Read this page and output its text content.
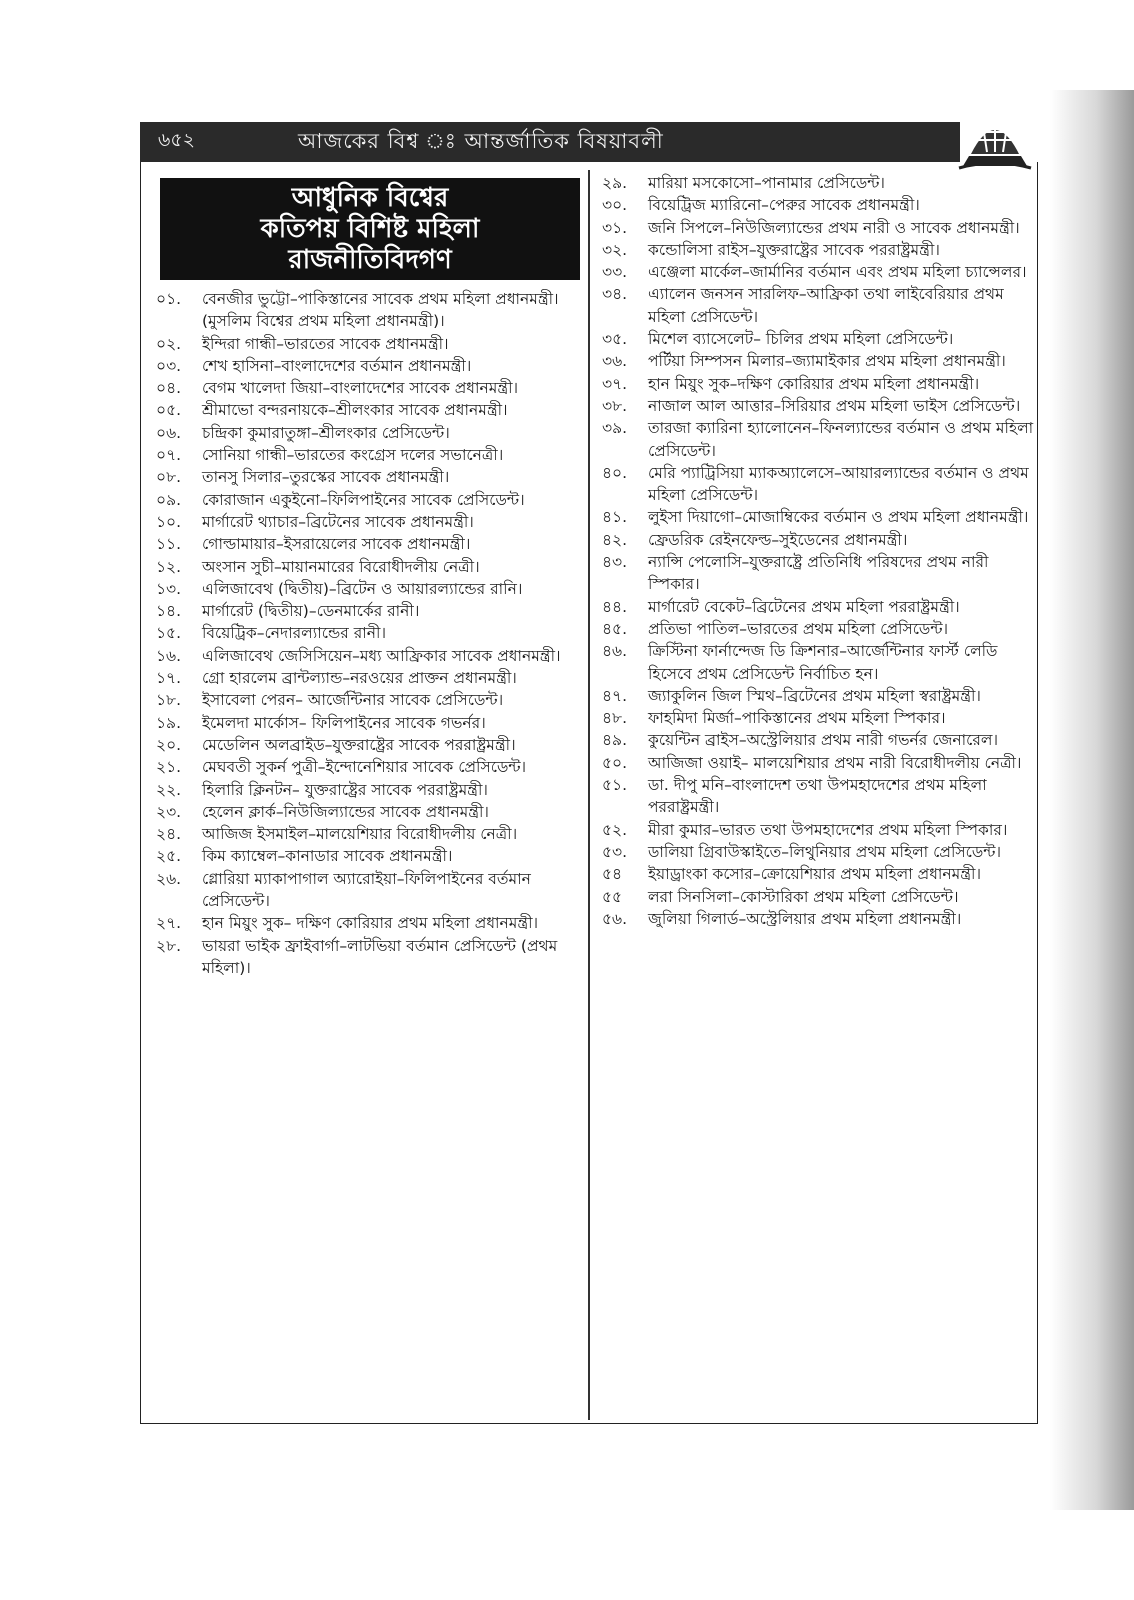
৬৫২	আজকের বিশ্ব ঃ আন্তর্জাতিক বিষয়াবলী
আধুনিক বিশ্বের
কতিপয় বিশিষ্ট মহিলা
রাজনীতিবিদগণ
০১.	বেনজীর ভুট্টো–পাকিস্তানের সাবেক প্রথম মহিলা প্রধানমন্ত্রী। (মুসলিম বিশ্বের প্রথম মহিলা প্রধানমন্ত্রী)।
০২.	ইন্দিরা গান্ধী–ভারতের সাবেক প্রধানমন্ত্রী।
০৩.	শেখ হাসিনা–বাংলাদেশের বর্তমান প্রধানমন্ত্রী।
০৪.	বেগম খালেদা জিয়া–বাংলাদেশের সাবেক প্রধানমন্ত্রী।
০৫.	শ্রীমাভো বন্দরনায়কে–শ্রীলংকার সাবেক প্রধানমন্ত্রী।
০৬.	চন্দ্রিকা কুমারাতুঙ্গা–শ্রীলংকার প্রেসিডেন্ট।
০৭.	সোনিয়া গান্ধী–ভারতের কংগ্রেস দলের সভানেত্রী।
০৮.	তানসু সিলার–তুরস্কের সাবেক প্রধানমন্ত্রী।
০৯.	কোরাজান একুইনো–ফিলিপাইনের সাবেক প্রেসিডেন্ট।
১০.	মার্গারেট থ্যাচার–ব্রিটেনের সাবেক প্রধানমন্ত্রী।
১১.	গোল্ডামায়ার–ইসরায়েলের সাবেক প্রধানমন্ত্রী।
১২.	অংসান সুচী–মায়ানমারের বিরোধীদলীয় নেত্রী।
১৩.	এলিজাবেথ (দ্বিতীয়)–ব্রিটেন ও আয়ারল্যান্ডের রানি।
১৪.	মার্গারেট (দ্বিতীয়)–ডেনমার্কের রানী।
১৫.	বিয়েট্রিক–নেদারল্যান্ডের রানী।
১৬.	এলিজাবেথ জেসিসিয়েন–মধ্য আফ্রিকার সাবেক প্রধানমন্ত্রী।
১৭.	গ্রো হারলেম ব্রান্টল্যান্ড–নরওয়ের প্রাক্তন প্রধানমন্ত্রী।
১৮.	ইসাবেলা পেরন– আর্জেন্টিনার সাবেক প্রেসিডেন্ট।
১৯.	ইমেলদা মার্কোস– ফিলিপাইনের সাবেক গভর্নর।
২০.	মেডেলিন অলব্রাইড–যুক্তরাষ্ট্রের সাবেক পররাষ্ট্রমন্ত্রী।
২১.	মেঘবতী সুকর্ন পুত্রী–ইন্দোনেশিয়ার সাবেক প্রেসিডেন্ট।
২২.	হিলারি ক্লিনটন– যুক্তরাষ্ট্রের সাবেক পররাষ্ট্রমন্ত্রী।
২৩.	হেলেন ক্লার্ক–নিউজিল্যান্ডের সাবেক প্রধানমন্ত্রী।
২৪.	আজিজ ইসমাইল–মালয়েশিয়ার বিরোধীদলীয় নেত্রী।
২৫.	কিম ক্যাম্বেল–কানাডার সাবেক প্রধানমন্ত্রী।
২৬.	গ্লোরিয়া ম্যাকাপাগাল অ্যারোইয়া–ফিলিপাইনের বর্তমান প্রেসিডেন্ট।
২৭.	হান মিয়ুং সুক– দক্ষিণ কোরিয়ার প্রথম মহিলা প্রধানমন্ত্রী।
২৮.	ভায়রা ভাইক ফ্রাইবার্গা–লাটভিয়া বর্তমান প্রেসিডেন্ট (প্রথম মহিলা)।
২৯.	মারিয়া মসকোসো–পানামার প্রেসিডেন্ট।
৩০.	বিয়েট্রিজ ম্যারিনো–পেরুর সাবেক প্রধানমন্ত্রী।
৩১.	জনি সিপলে–নিউজিল্যান্ডের প্রথম নারী ও সাবেক প্রধানমন্ত্রী।
৩২.	কন্ডোলিসা রাইস–যুক্তরাষ্ট্রের সাবেক পররাষ্ট্রমন্ত্রী।
৩৩.	এঞ্জেলা মার্কেল–জার্মানির বর্তমান এবং প্রথম মহিলা চ্যান্সেলর।
৩৪.	এ্যালেন জনসন সারলিফ–আফ্রিকা তথা লাইবেরিয়ার প্রথম মহিলা প্রেসিডেন্ট।
৩৫.	মিশেল ব্যাসেলেট– চিলির প্রথম মহিলা প্রেসিডেন্ট।
৩৬.	পর্টিয়া সিম্পসন মিলার–জ্যামাইকার প্রথম মহিলা প্রধানমন্ত্রী।
৩৭.	হান মিয়ুং সুক–দক্ষিণ কোরিয়ার প্রথম মহিলা প্রধানমন্ত্রী।
৩৮.	নাজাল আল আত্তার–সিরিয়ার প্রথম মহিলা ভাইস প্রেসিডেন্ট।
৩৯.	তারজা ক্যারিনা হ্যালোনেন–ফিনল্যান্ডের বর্তমান ও প্রথম মহিলা প্রেসিডেন্ট।
৪০.	মেরি প্যাট্রিসিয়া ম্যাকঅ্যালেসে–আয়ারল্যান্ডের বর্তমান ও প্রথম মহিলা প্রেসিডেন্ট।
৪১.	লুইসা দিয়াগো–মোজাম্বিকের বর্তমান ও প্রথম মহিলা প্রধানমন্ত্রী।
৪২.	ফ্রেডরিক রেইনফেল্ড–সুইডেনের প্রধানমন্ত্রী।
৪৩.	ন্যান্সি পেলোসি–যুক্তরাষ্ট্রে প্রতিনিধি পরিষদের প্রথম নারী স্পিকার।
৪৪.	মার্গারেট বেকেট–ব্রিটেনের প্রথম মহিলা পররাষ্ট্রমন্ত্রী।
৪৫.	প্রতিভা পাতিল–ভারতের প্রথম মহিলা প্রেসিডেন্ট।
৪৬.	ক্রিস্টিনা ফার্নান্দেজ ডি ক্রিশনার–আর্জেন্টিনার ফার্স্ট লেডি হিসেবে প্রথম প্রেসিডেন্ট নির্বাচিত হন।
৪৭.	জ্যাকুলিন জিল স্মিথ–ব্রিটেনের প্রথম মহিলা স্বরাষ্ট্রমন্ত্রী।
৪৮.	ফাহমিদা মির্জা–পাকিস্তানের প্রথম মহিলা স্পিকার।
৪৯.	কুয়েন্টিন ব্রাইস–অস্ট্রেলিয়ার প্রথম নারী গভর্নর জেনারেল।
৫০.	আজিজা ওয়াই– মালয়েশিয়ার প্রথম নারী বিরোধীদলীয় নেত্রী।
৫১.	ডা. দীপু মনি–বাংলাদেশ তথা উপমহাদেশের প্রথম মহিলা পররাষ্ট্রমন্ত্রী।
৫২.	মীরা কুমার–ভারত তথা উপমহাদেশের প্রথম মহিলা স্পিকার।
৫৩.	ডালিয়া গ্রিবাউস্কাইতে–লিথুনিয়ার প্রথম মহিলা প্রেসিডেন্ট।
৫৪	ইয়াড্রাংকা কসোর–ক্রোয়েশিয়ার প্রথম মহিলা প্রধানমন্ত্রী।
৫৫	লরা সিনসিলা–কোস্টারিকা প্রথম মহিলা প্রেসিডেন্ট।
৫৬.	জুলিয়া গিলার্ড–অস্ট্রেলিয়ার প্রথম মহিলা প্রধানমন্ত্রী।
